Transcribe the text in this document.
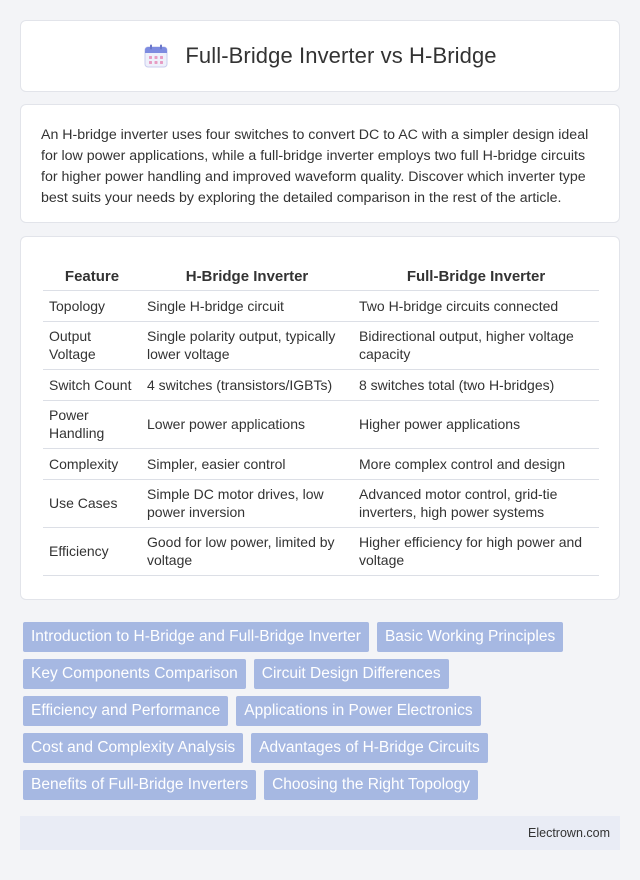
Full-Bridge Inverter vs H-Bridge

An H-bridge inverter uses four switches to convert DC to AC with a simpler design ideal for low power applications, while a full-bridge inverter employs two full H-bridge circuits for higher power handling and improved waveform quality. Discover which inverter type best suits your needs by exploring the detailed comparison in the rest of the article.

Feature	H-Bridge Inverter	Full-Bridge Inverter
Topology	Single H-bridge circuit	Two H-bridge circuits connected
Output Voltage	Single polarity output, typically lower voltage	Bidirectional output, higher voltage capacity
Switch Count	4 switches (transistors/IGBTs)	8 switches total (two H-bridges)
Power Handling	Lower power applications	Higher power applications
Complexity	Simpler, easier control	More complex control and design
Use Cases	Simple DC motor drives, low power inversion	Advanced motor control, grid-tie inverters, high power systems
Efficiency	Good for low power, limited by voltage	Higher efficiency for high power and voltage
Introduction to H-Bridge and Full-Bridge Inverter	Basic Working Principles
Key Components Comparison	Circuit Design Differences
Efficiency and Performance	Applications in Power Electronics
Cost and Complexity Analysis	Advantages of H-Bridge Circuits
Benefits of Full-Bridge Inverters	Choosing the Right Topology
Electrown.com
